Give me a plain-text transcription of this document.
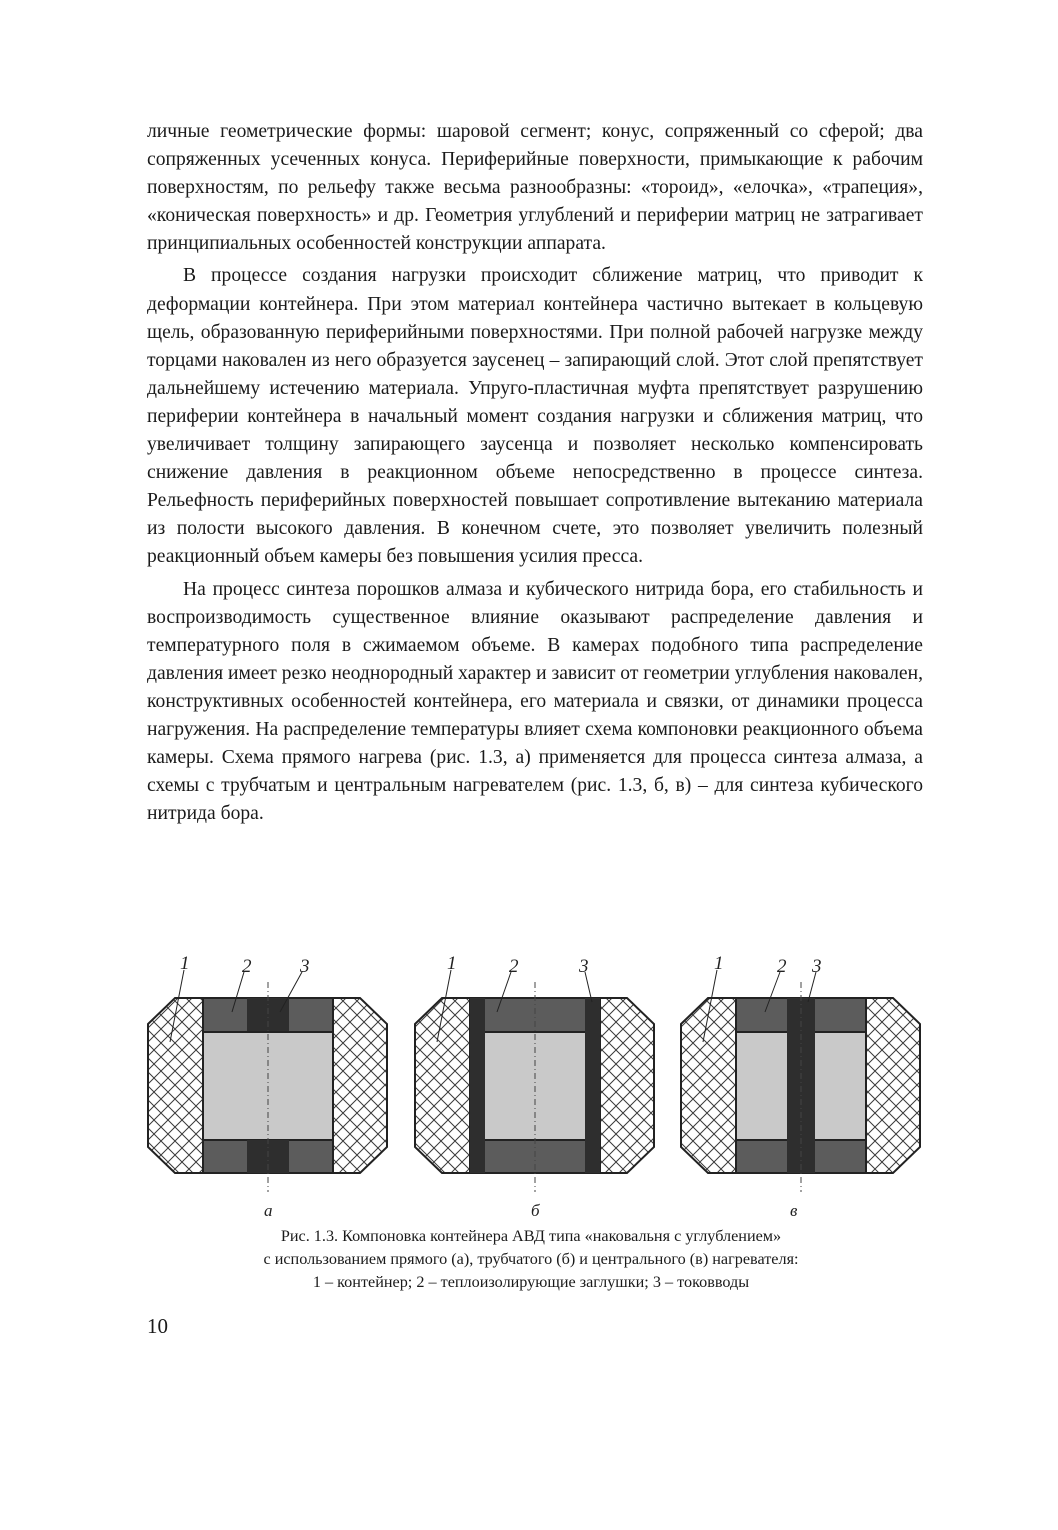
личные геометрические формы: шаровой сегмент; конус, сопряженный со сферой; два сопряженных усеченных конуса. Периферийные поверхности, примыкающие к рабочим поверхностям, по рельефу также весьма разнообразны: «тороид», «елочка», «трапеция», «коническая поверхность» и др. Геометрия углублений и периферии матриц не затрагивает принципиальных особенностей конструкции аппарата.

В процессе создания нагрузки происходит сближение матриц, что приводит к деформации контейнера. При этом материал контейнера частично вытекает в кольцевую щель, образованную периферийными поверхностями. При полной рабочей нагрузке между торцами наковален из него образуется заусенец – запирающий слой. Этот слой препятствует дальнейшему истечению материала. Упруго-пластичная муфта препятствует разрушению периферии контейнера в начальный момент создания нагрузки и сближения матриц, что увеличивает толщину запирающего заусенца и позволяет несколько компенсировать снижение давления в реакционном объеме непосредственно в процессе синтеза. Рельефность периферийных поверхностей повышает сопротивление вытеканию материала из полости высокого давления. В конечном счете, это позволяет увеличить полезный реакционный объем камеры без повышения усилия пресса.

На процесс синтеза порошков алмаза и кубического нитрида бора, его стабильность и воспроизводимость существенное влияние оказывают распределение давления и температурного поля в сжимаемом объеме. В камерах подобного типа распределение давления имеет резко неоднородный характер и зависит от геометрии углубления наковален, конструктивных особенностей контейнера, его материала и связки, от динамики процесса нагружения. На распределение температуры влияет схема компоновки реакционного объема камеры. Схема прямого нагрева (рис. 1.3, а) применяется для процесса синтеза алмаза, а схемы с трубчатым и центральным нагревателем (рис. 1.3, б, в) – для синтеза кубического нитрида бора.

1	2	3
а
1	2	3
б
1	2 3
в
Рис. 1.3. Компоновка контейнера АВД типа «наковальня с углублением»
с использованием прямого (а), трубчатого (б) и центрального (в) нагревателя:
1 – контейнер; 2 – теплоизолирующие заглушки; 3 – токовводы
10
